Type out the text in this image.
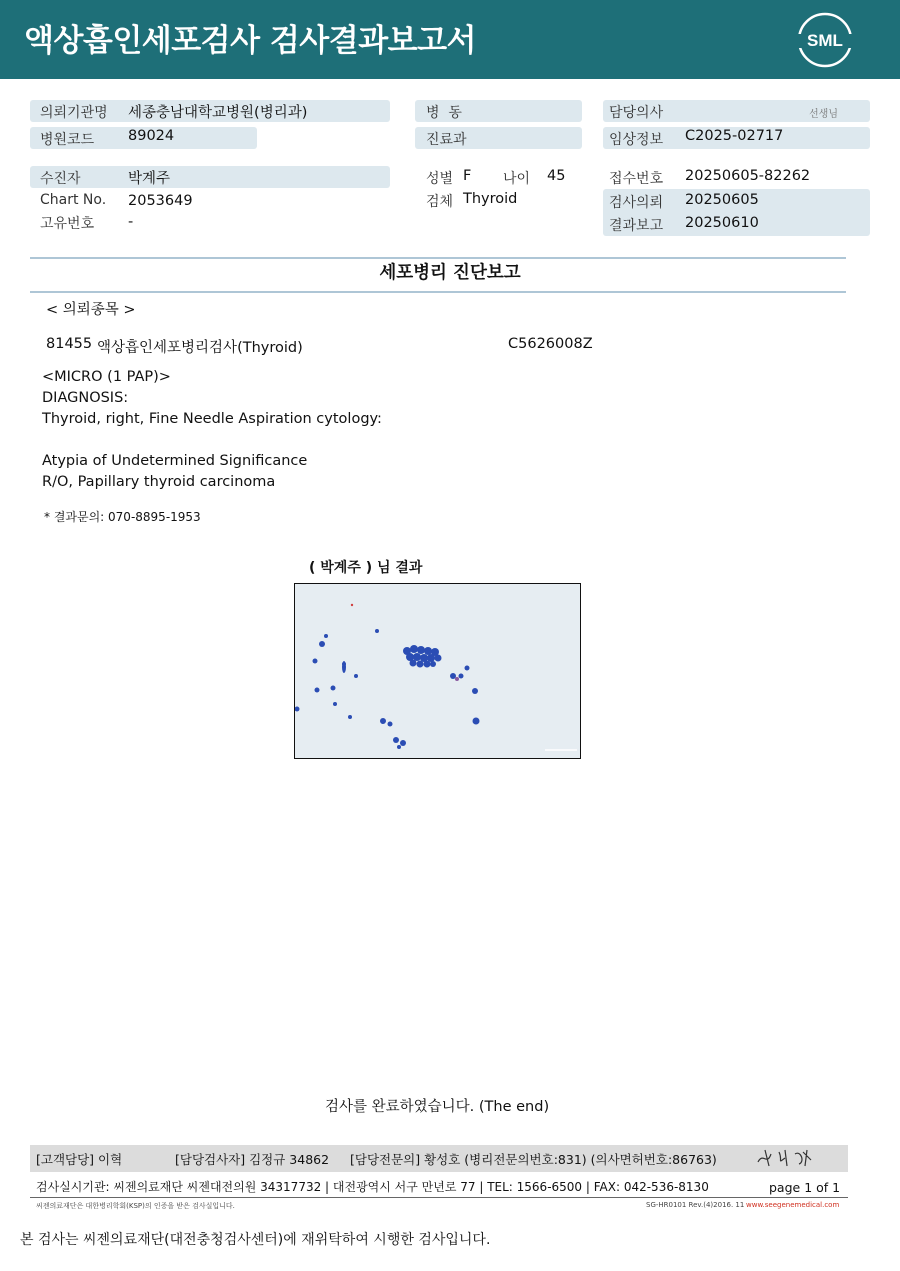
액상흡인세포검사 검사결과보고서	SML
의뢰기관명 세종충남대학교병원(병리과)
병원코드 89024
병  동
진료과
담당의사	선생님
임상정보 C2025-02717
수진자	박계주
Chart No. 2053649
고유번호 -
성별 F 나이 45
검체 Thyroid
접수번호 20250605-82262
검사의뢰 20250605
결과보고 20250610
세포병리 진단보고
< 의뢰종목 >
81455 액상흡인세포병리검사(Thyroid)	C5626008Z
<MICRO (1 PAP)>
DIAGNOSIS:
Thyroid, right, Fine Needle Aspiration cytology:
Atypia of Undetermined Significance
R/O, Papillary thyroid carcinoma
* 결과문의: 070-8895-1953
( 박계주 ) 님 결과
검사를 완료하였습니다. (The end)
[고객담당] 이혁	[담당검사자] 김정규 34862 [담당전문의] 황성호 (병리전문의번호:831) (의사면허번호:86763)
검사실시기관: 씨젠의료재단 씨젠대전의원 34317732 | 대전광역시 서구 만년로 77 | TEL: 1566-6500 | FAX: 042-536-8130	page 1 of 1
씨젠의료재단은 대한병리학회(KSP)의 인증을 받은 검사실입니다.	SG-HR0101 Rev.(4)2016. 11 www.seegenemedical.com
본 검사는 씨젠의료재단(대전충청검사센터)에 재위탁하여 시행한 검사입니다.
